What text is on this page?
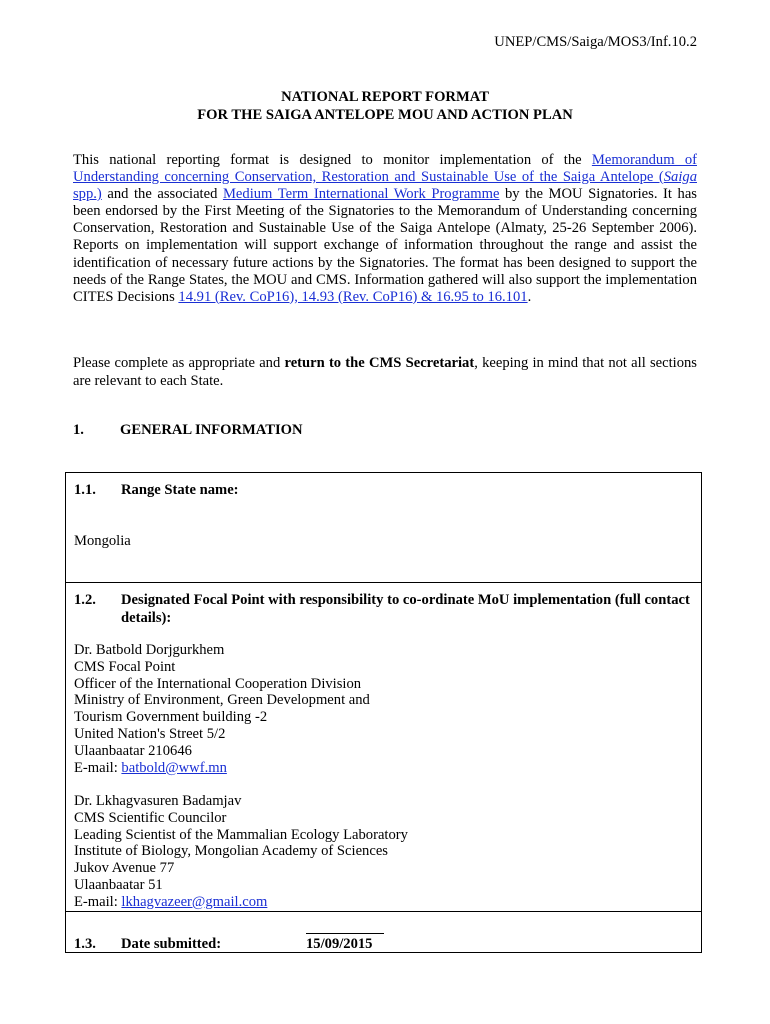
UNEP/CMS/Saiga/MOS3/Inf.10.2
NATIONAL REPORT FORMAT
FOR THE SAIGA ANTELOPE MOU AND ACTION PLAN

This national reporting format is designed to monitor implementation of the Memorandum of Understanding concerning Conservation, Restoration and Sustainable Use of the Saiga Antelope (Saiga spp.) and the associated Medium Term International Work Programme by the MOU Signatories. It has been endorsed by the First Meeting of the Signatories to the Memorandum of Understanding concerning Conservation, Restoration and Sustainable Use of the Saiga Antelope (Almaty, 25-26 September 2006). Reports on implementation will support exchange of information throughout the range and assist the identification of necessary future actions by the Signatories. The format has been designed to support the needs of the Range States, the MOU and CMS. Information gathered will also support the implementation CITES Decisions 14.91 (Rev. CoP16), 14.93 (Rev. CoP16) & 16.95 to 16.101.

Please complete as appropriate and return to the CMS Secretariat, keeping in mind that not all sections are relevant to each State.

1. GENERAL INFORMATION
1.1. Range State name:
Mongolia
1.2. Designated Focal Point with responsibility to co-ordinate MoU implementation (full contact details):
Dr. Batbold Dorjgurkhem
CMS Focal Point
Officer of the International Cooperation Division
Ministry of Environment, Green Development and
Tourism Government building -2
United Nation's Street 5/2
Ulaanbaatar 210646
E-mail: batbold@wwf.mn
Dr. Lkhagvasuren Badamjav
CMS Scientific Councilor
Leading Scientist of the Mammalian Ecology Laboratory
Institute of Biology, Mongolian Academy of Sciences
Jukov Avenue 77
Ulaanbaatar 51
E-mail: lkhagvazeer@gmail.com
1.3. Date submitted:	15/09/2015
